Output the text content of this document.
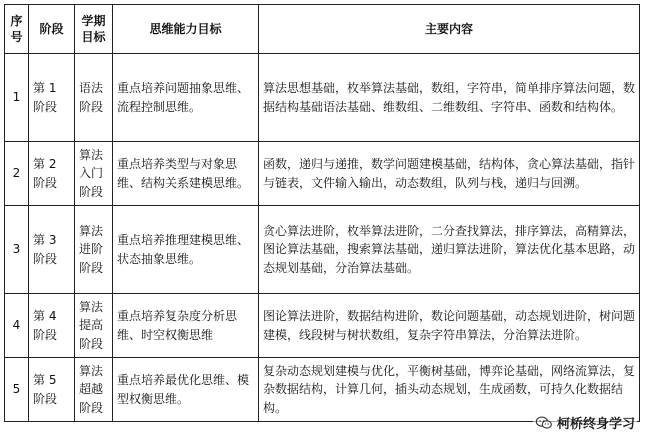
序号	阶段	学期目标	思维能力目标	主要内容
1	第 1 阶段	语法阶段	重点培养问题抽象思维、流程控制思维。	算法思想基础，枚举算法基础，数组，字符串，简单排序算法问题，数据结构基础语法基础、维数组、二维数组、字符串、函数和结构体。
2	第 2 阶段	算法入门阶段	重点培养类型与对象思维、结构关系建模思维。	函数，递归与递推，数学问题建模基础，结构体，贪心算法基础，指针与链表，文件输入输出，动态数组，队列与栈，递归与回溯。
3	第 3 阶段	算法进阶阶段	重点培养推理建模思维、状态抽象思维。	贪心算法进阶，枚举算法进阶，二分查找算法，排序算法，高精算法，图论算法基础，搜索算法基础，递归算法进阶，算法优化基本思路，动态规划基础，分治算法基础。
4	第 4 阶段	算法提高阶段	重点培养复杂度分析思维、时空权衡思维	图论算法进阶，数据结构进阶，数论问题基础，动态规划进阶，树问题建模，线段树与树状数组，复杂字符串算法，分治算法进阶。
5	第 5 阶段	算法超越阶段	重点培养最优化思维、模型权衡思维。	复杂动态规划建模与优化，平衡树基础，博弈论基础，网络流算法，复杂数据结构，计算几何，插头动态规划，生成函数，可持久化数据结构。
柯桥终身学习
